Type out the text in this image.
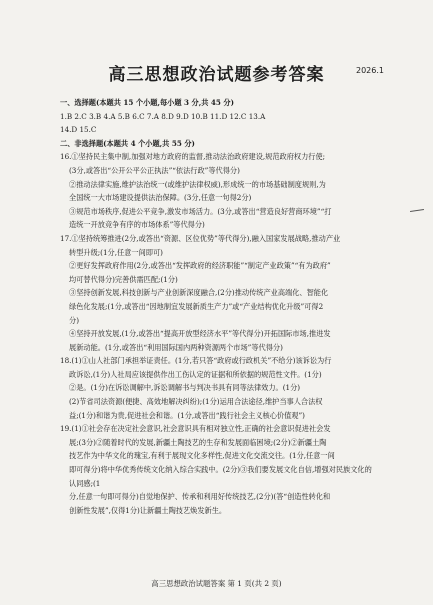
高三思想政治试题参考答案	2026.1

一、选择题(本题共 15 个小题,每小题 3 分,共 45 分)

1.B 2.C 3.B 4.A 5.B 6.C 7.A 8.D 9.D 10.B 11.D 12.C 13.A

14.D 15.C

二、非选择题(本题共 4 个小题,共 55 分)

16.①坚持民主集中制,加强对地方政府的监督,推动法治政府建设,规范政府权力行使;

(3分,或答出“公开公平公正执法”“依法行政”等代得分)

②推动法律实施,维护法治统一(或维护法律权威),形成统一的市场基础制度规则,为

全国统一大市场建设提供法治保障。(3分,任意一句得2分)

③规范市场秩序,促进公平竞争,激发市场活力。(3分,或答出“营造良好营商环境”“打

造统一开放竞争有序的市场体系”等代得分)

17.①坚持统筹推进(2分,或答出“资源、区位优势”等代得分),融入国家发展战略,推动产业

转型升级;(1分,任意一间即可)

②更好发挥政府作用(2分,或答出“发挥政府的经济职能”“制定产业政策”“有为政府”

均可替代得分)完善供需匹配;(1分)

③坚持创新发展,科技创新与产业创新深度融合,(2分)推动传统产业高端化、智能化

绿色化发展;(1分,或答出“因地制宜发展新质生产力”或“产业结构优化升级”可得2

分)

④坚持开放发展,(1分,或答出“提高开放型经济水平”等代得分)开拓国际市场,推进发

展新动能。(1分,或答出“利用国际国内两种资源两个市场”等代得分)

18.(1)①山人社部门承担举证责任。(1分,若只答“政府或行政机关”不给分)该诉讼为行

政诉讼,(1分)人社局应该提供作出工伤认定的证据和所依据的规范性文件。(1分)

②是。(1分)在诉讼调解中,诉讼调解书与判决书具有同等法律效力。(1分)

(2)节省司法资源(便捷、高效地解决纠纷);(1分)运用合法途径,维护当事人合法权

益;(1分)和谐为贵,促进社会和谐。(1分,或答出“践行社会主义核心价值观”)

19.(1)①社会存在决定社会意识,社会意识具有相对独立性,正确的社会意识促进社会发

展;(3分)②随着时代的发展,新疆土陶技艺的生存和发展面临困境;(2分)②新疆土陶

技艺作为中华文化的瑰宝,有利于展现文化多样性,促进文化交流交往。(1分,任意一间

即可得分)将中华优秀传统文化纳入综合实践中。(2分)③我们要发展文化自信,增强对民族文化的认同感;(1

分,任意一句即可得分)自觉地保护、传承和利用好传统技艺,(2分)(答“创造性转化和

创新性发展”,仅得1分)让新疆土陶技艺焕发新生。

高三思想政治试题答案 第 1 页(共 2 页)
